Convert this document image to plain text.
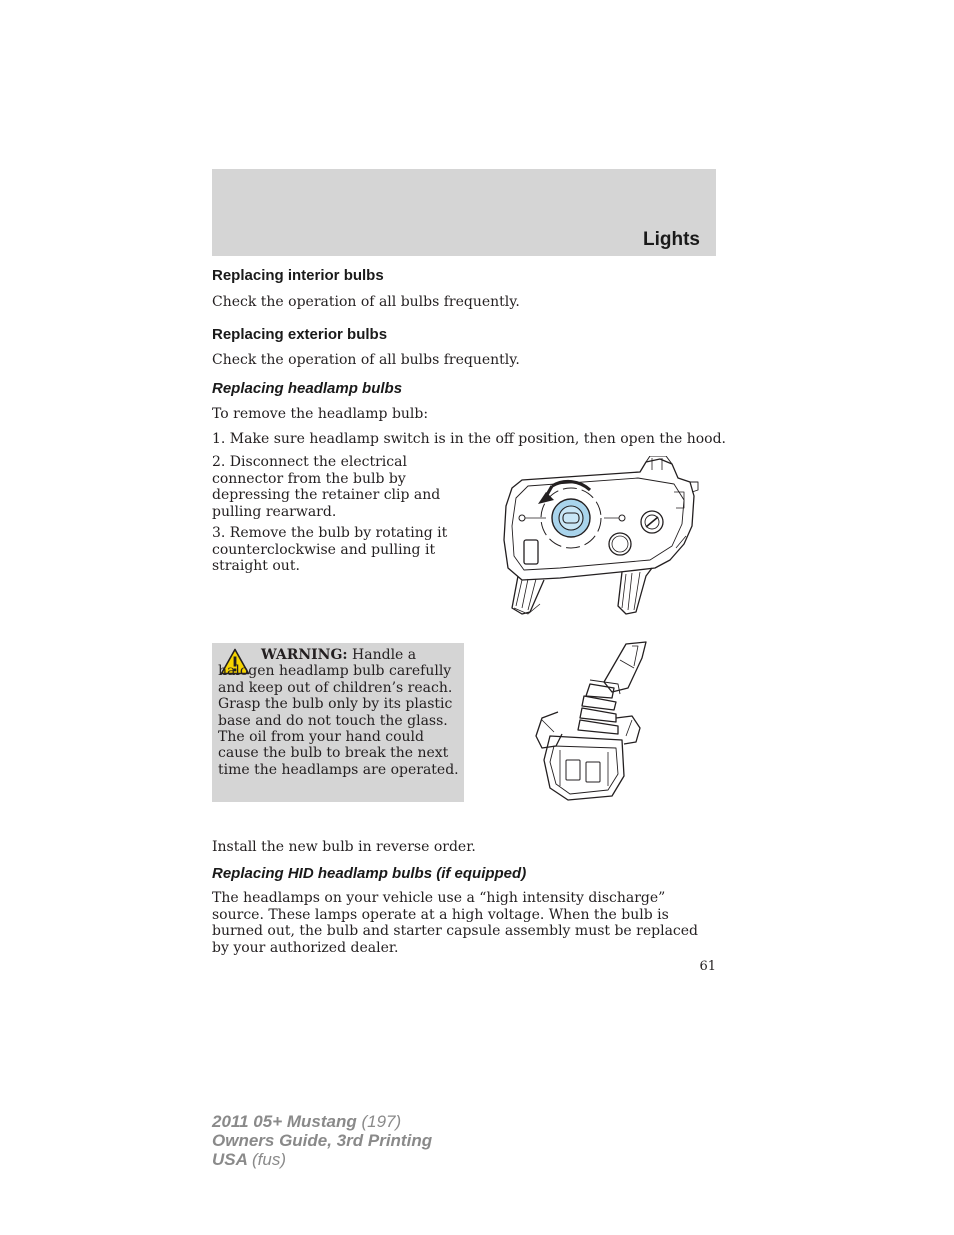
Lights
Replacing interior bulbs
Check the operation of all bulbs frequently.
Replacing exterior bulbs
Check the operation of all bulbs frequently.
Replacing headlamp bulbs
To remove the headlamp bulb:
1. Make sure headlamp switch is in the off position, then open the hood.
2. Disconnect the electrical connector from the bulb by depressing the retainer clip and pulling rearward.
3. Remove the bulb by rotating it counterclockwise and pulling it straight out.
WARNING: Handle a halogen headlamp bulb carefully and keep out of children’s reach. Grasp the bulb only by its plastic base and do not touch the glass. The oil from your hand could cause the bulb to break the next time the headlamps are operated.
Install the new bulb in reverse order.
Replacing HID headlamp bulbs (if equipped)
The headlamps on your vehicle use a “high intensity discharge” source. These lamps operate at a high voltage. When the bulb is burned out, the bulb and starter capsule assembly must be replaced by your authorized dealer.
61
2011 05+ Mustang (197)
Owners Guide, 3rd Printing
USA (fus)
